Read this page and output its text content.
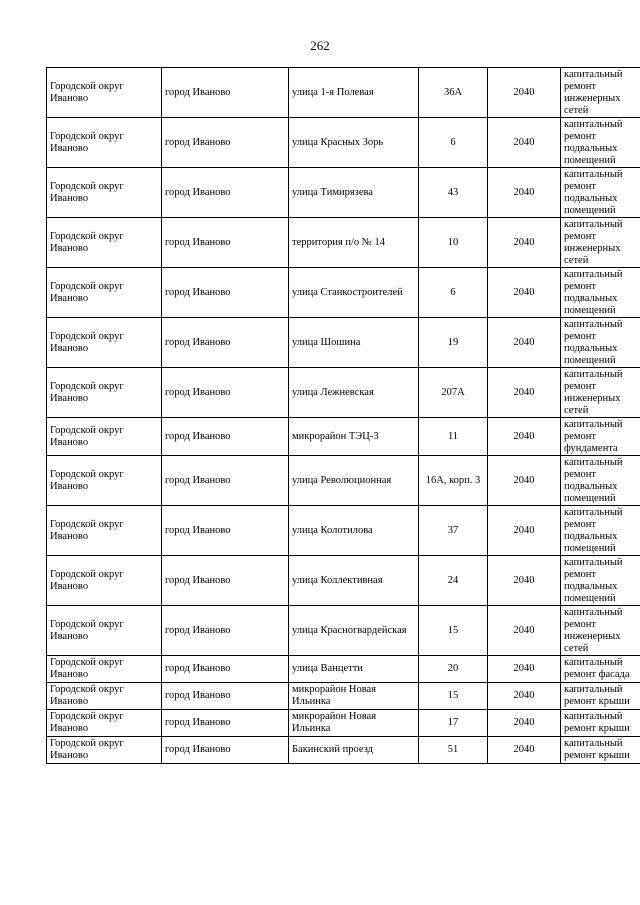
262
Городской округ Иваново	город Иваново	улица 1-я Полевая	36А	2040	капитальный ремонт инженерных сетей
Городской округ Иваново	город Иваново	улица Красных Зорь	6	2040	капитальный ремонт подвальных помещений
Городской округ Иваново	город Иваново	улица Тимирязева	43	2040	капитальный ремонт подвальных помещений
Городской округ Иваново	город Иваново	территория п/о № 14	10	2040	капитальный ремонт инженерных сетей
Городской округ Иваново	город Иваново	улица Станкостроителей	6	2040	капитальный ремонт подвальных помещений
Городской округ Иваново	город Иваново	улица Шошина	19	2040	капитальный ремонт подвальных помещений
Городской округ Иваново	город Иваново	улица Лежневская	207А	2040	капитальный ремонт инженерных сетей
Городской округ Иваново	город Иваново	микрорайон ТЭЦ-3	11	2040	капитальный ремонт фундамента
Городской округ Иваново	город Иваново	улица Революционная	16А, корп. 3	2040	капитальный ремонт подвальных помещений
Городской округ Иваново	город Иваново	улица Колотилова	37	2040	капитальный ремонт подвальных помещений
Городской округ Иваново	город Иваново	улица Коллективная	24	2040	капитальный ремонт подвальных помещений
Городской округ Иваново	город Иваново	улица Красногвардейская	15	2040	капитальный ремонт инженерных сетей
Городской округ Иваново	город Иваново	улица Ванцетти	20	2040	капитальный ремонт фасада
Городской округ Иваново	город Иваново	микрорайон Новая Ильинка	15	2040	капитальный ремонт крыши
Городской округ Иваново	город Иваново	микрорайон Новая Ильинка	17	2040	капитальный ремонт крыши
Городской округ Иваново	город Иваново	Бакинский проезд	51	2040	капитальный ремонт крыши
